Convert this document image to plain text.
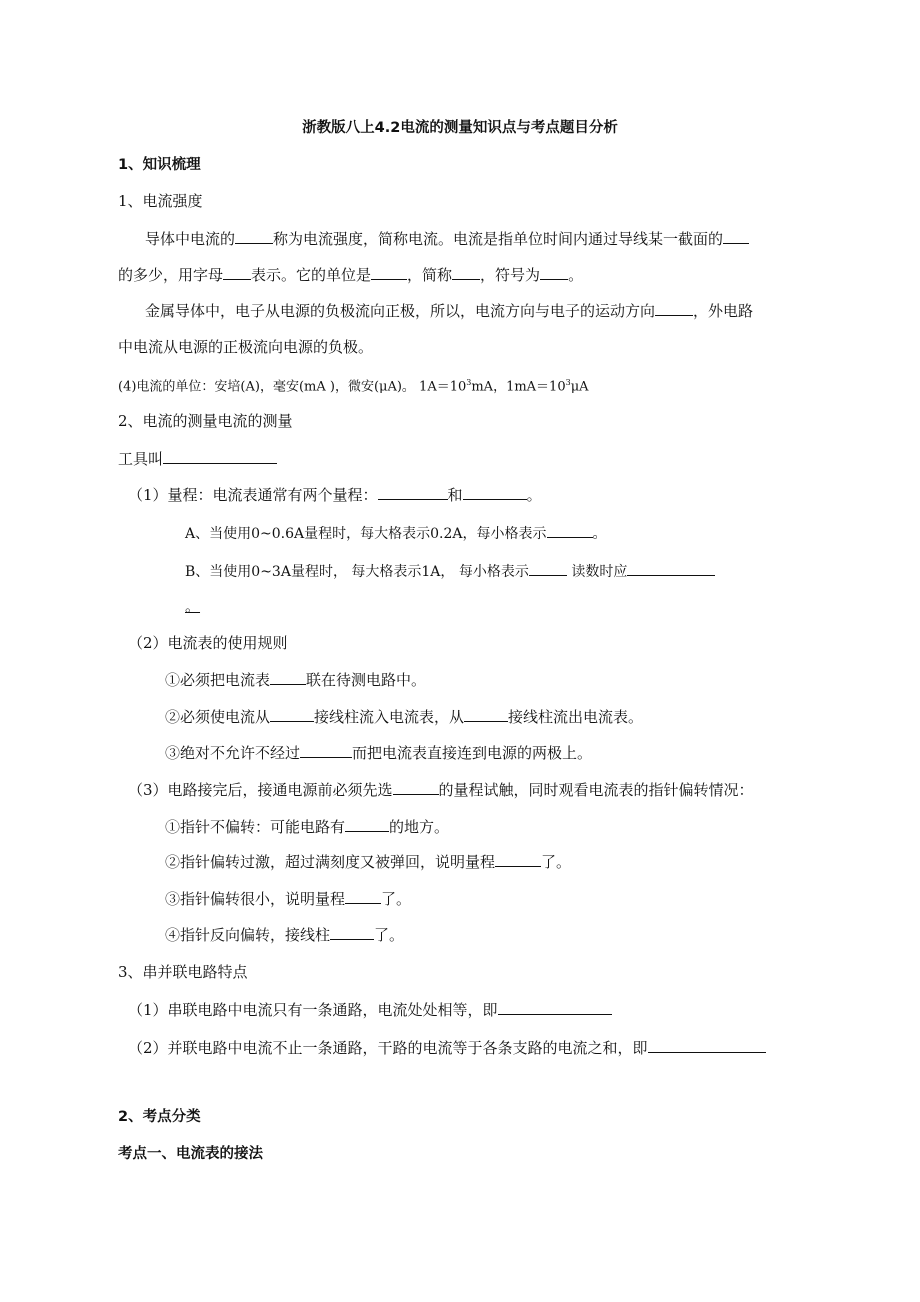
浙教版八上4.2电流的测量知识点与考点题目分析
1、知识梳理
1、电流强度
导体中电流的	称为电流强度，简称电流。电流是指单位时间内通过导线某一截面的
的多少，用字母 表示。它的单位是 ，简称 ，符号为 。
金属导体中，电子从电源的负极流向正极，所以，电流方向与电子的运动方向	，外电路
中电流从电源的正极流向电源的负极。
(4)电流的单位：安培(A)，毫安(mA )，微安(μA)。 $1A=10^3mA$，$1mA=10^3\mu A$
2、电流的测量电流的测量
工具叫
（1）量程：电流表通常有两个量程：	和	。
A、当使用0~0.6A量程时，每大格表示0.2A，每小格表示	。
B、当使用0~3A量程时， 每大格表示1A， 每小格表示	读数时应
。
（2）电流表的使用规则
①必须把电流表 联在待测电路中。
②必须使电流从	接线柱流入电流表，从	接线柱流出电流表。
③绝对不允许不经过	而把电流表直接连到电源的两极上。
（3）电路接完后，接通电源前必须先选	的量程试触，同时观看电流表的指针偏转情况：
①指针不偏转：可能电路有	的地方。
②指针偏转过激，超过满刻度又被弹回，说明量程	了。
③指针偏转很小，说明量程 了。
④指针反向偏转，接线柱	了。
3、串并联电路特点
（1）串联电路中电流只有一条通路，电流处处相等，即
（2）并联电路中电流不止一条通路，干路的电流等于各条支路的电流之和，即
2、考点分类
考点一、电流表的接法
